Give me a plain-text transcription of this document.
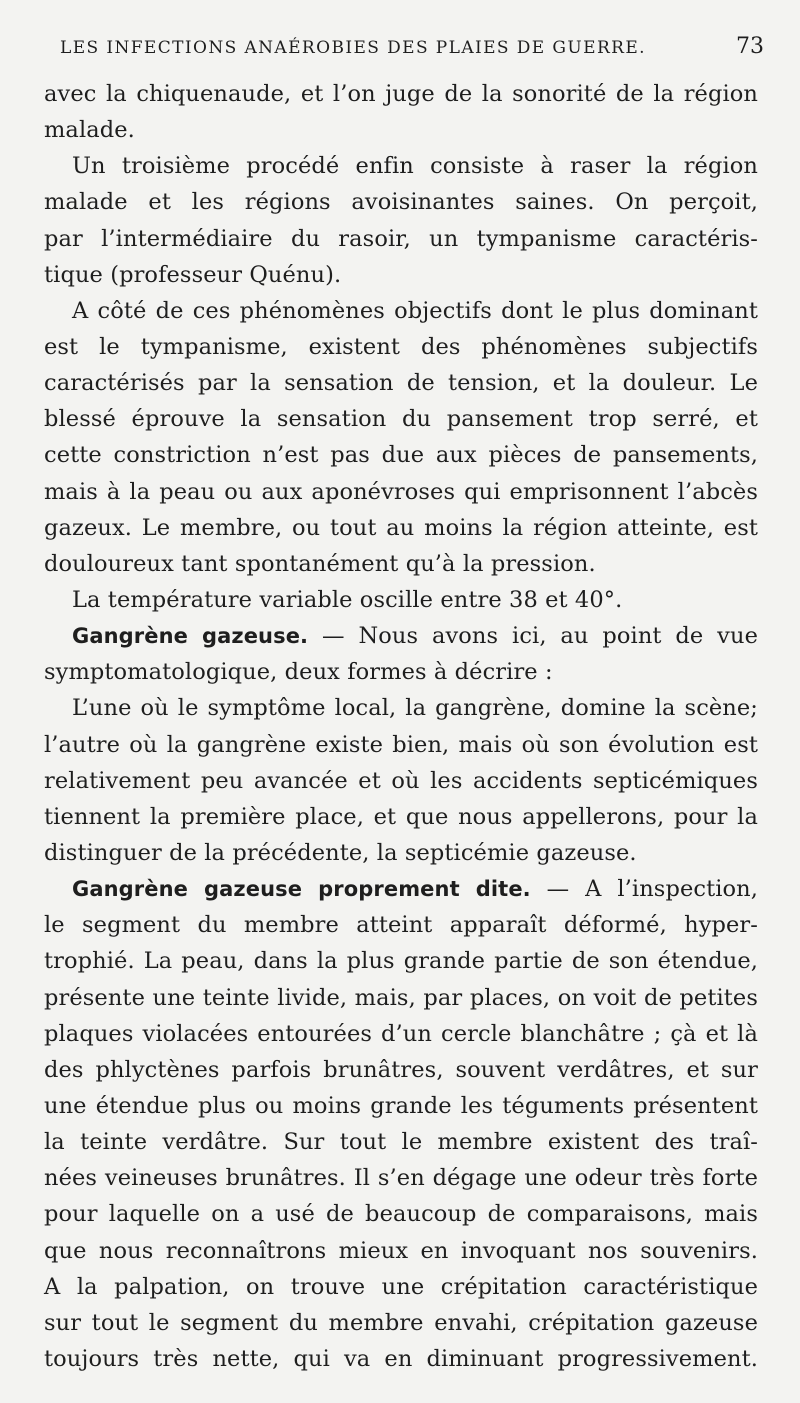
LES INFECTIONS ANAÉROBIES DES PLAIES DE GUERRE.	73
avec la chiquenaude, et l’on juge de la sonorité de la région
malade.
Un troisième procédé enfin consiste à raser la région
malade et les régions avoisinantes saines. On perçoit,
par l’intermédiaire du rasoir, un tympanisme caractéris-
tique (professeur Quénu).
A côté de ces phénomènes objectifs dont le plus dominant
est le tympanisme, existent des phénomènes subjectifs
caractérisés par la sensation de tension, et la douleur. Le
blessé éprouve la sensation du pansement trop serré, et
cette constriction n’est pas due aux pièces de pansements,
mais à la peau ou aux aponévroses qui emprisonnent l’abcès
gazeux. Le membre, ou tout au moins la région atteinte, est
douloureux tant spontanément qu’à la pression.
La température variable oscille entre 38 et 40°.
Gangrène gazeuse. — Nous avons ici, au point de vue
symptomatologique, deux formes à décrire :
L’une où le symptôme local, la gangrène, domine la scène;
l’autre où la gangrène existe bien, mais où son évolution est
relativement peu avancée et où les accidents septicémiques
tiennent la première place, et que nous appellerons, pour la
distinguer de la précédente, la septicémie gazeuse.
Gangrène gazeuse proprement dite. — A l’inspection,
le segment du membre atteint apparaît déformé, hyper-
trophié. La peau, dans la plus grande partie de son étendue,
présente une teinte livide, mais, par places, on voit de petites
plaques violacées entourées d’un cercle blanchâtre ; çà et là
des phlyctènes parfois brunâtres, souvent verdâtres, et sur
une étendue plus ou moins grande les téguments présentent
la teinte verdâtre. Sur tout le membre existent des traî-
nées veineuses brunâtres. Il s’en dégage une odeur très forte
pour laquelle on a usé de beaucoup de comparaisons, mais
que nous reconnaîtrons mieux en invoquant nos souvenirs.
A la palpation, on trouve une crépitation caractéristique
sur tout le segment du membre envahi, crépitation gazeuse
toujours très nette, qui va en diminuant progressivement.
